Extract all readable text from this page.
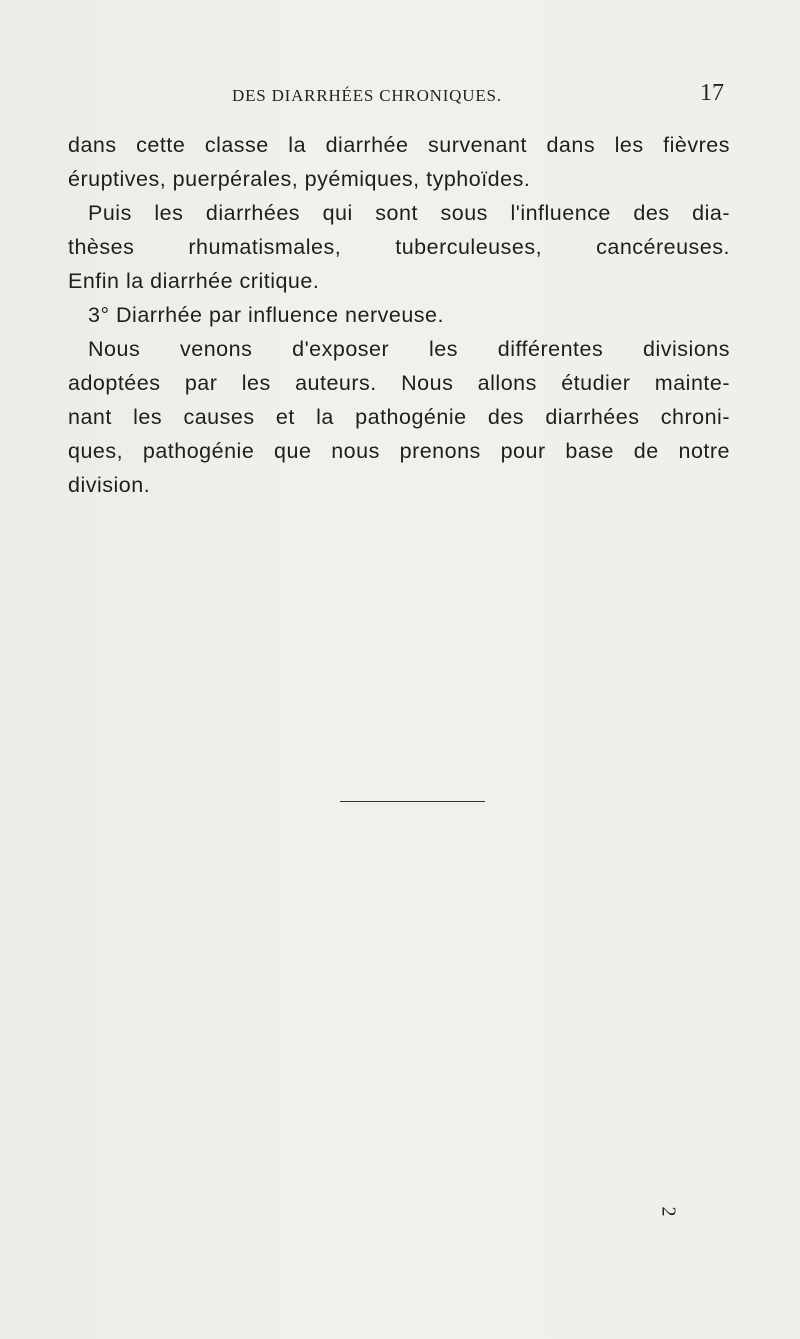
DES DIARRHÉES CHRONIQUES.	17
dans cette classe la diarrhée survenant dans les fièvres
éruptives, puerpérales, pyémiques, typhoïdes.
Puis les diarrhées qui sont sous l'influence des dia-
thèses rhumatismales, tuberculeuses, cancéreuses.
Enfin la diarrhée critique.
3° Diarrhée par influence nerveuse.
Nous venons d'exposer les différentes divisions
adoptées par les auteurs. Nous allons étudier mainte-
nant les causes et la pathogénie des diarrhées chroni-
ques, pathogénie que nous prenons pour base de notre
division.
2
